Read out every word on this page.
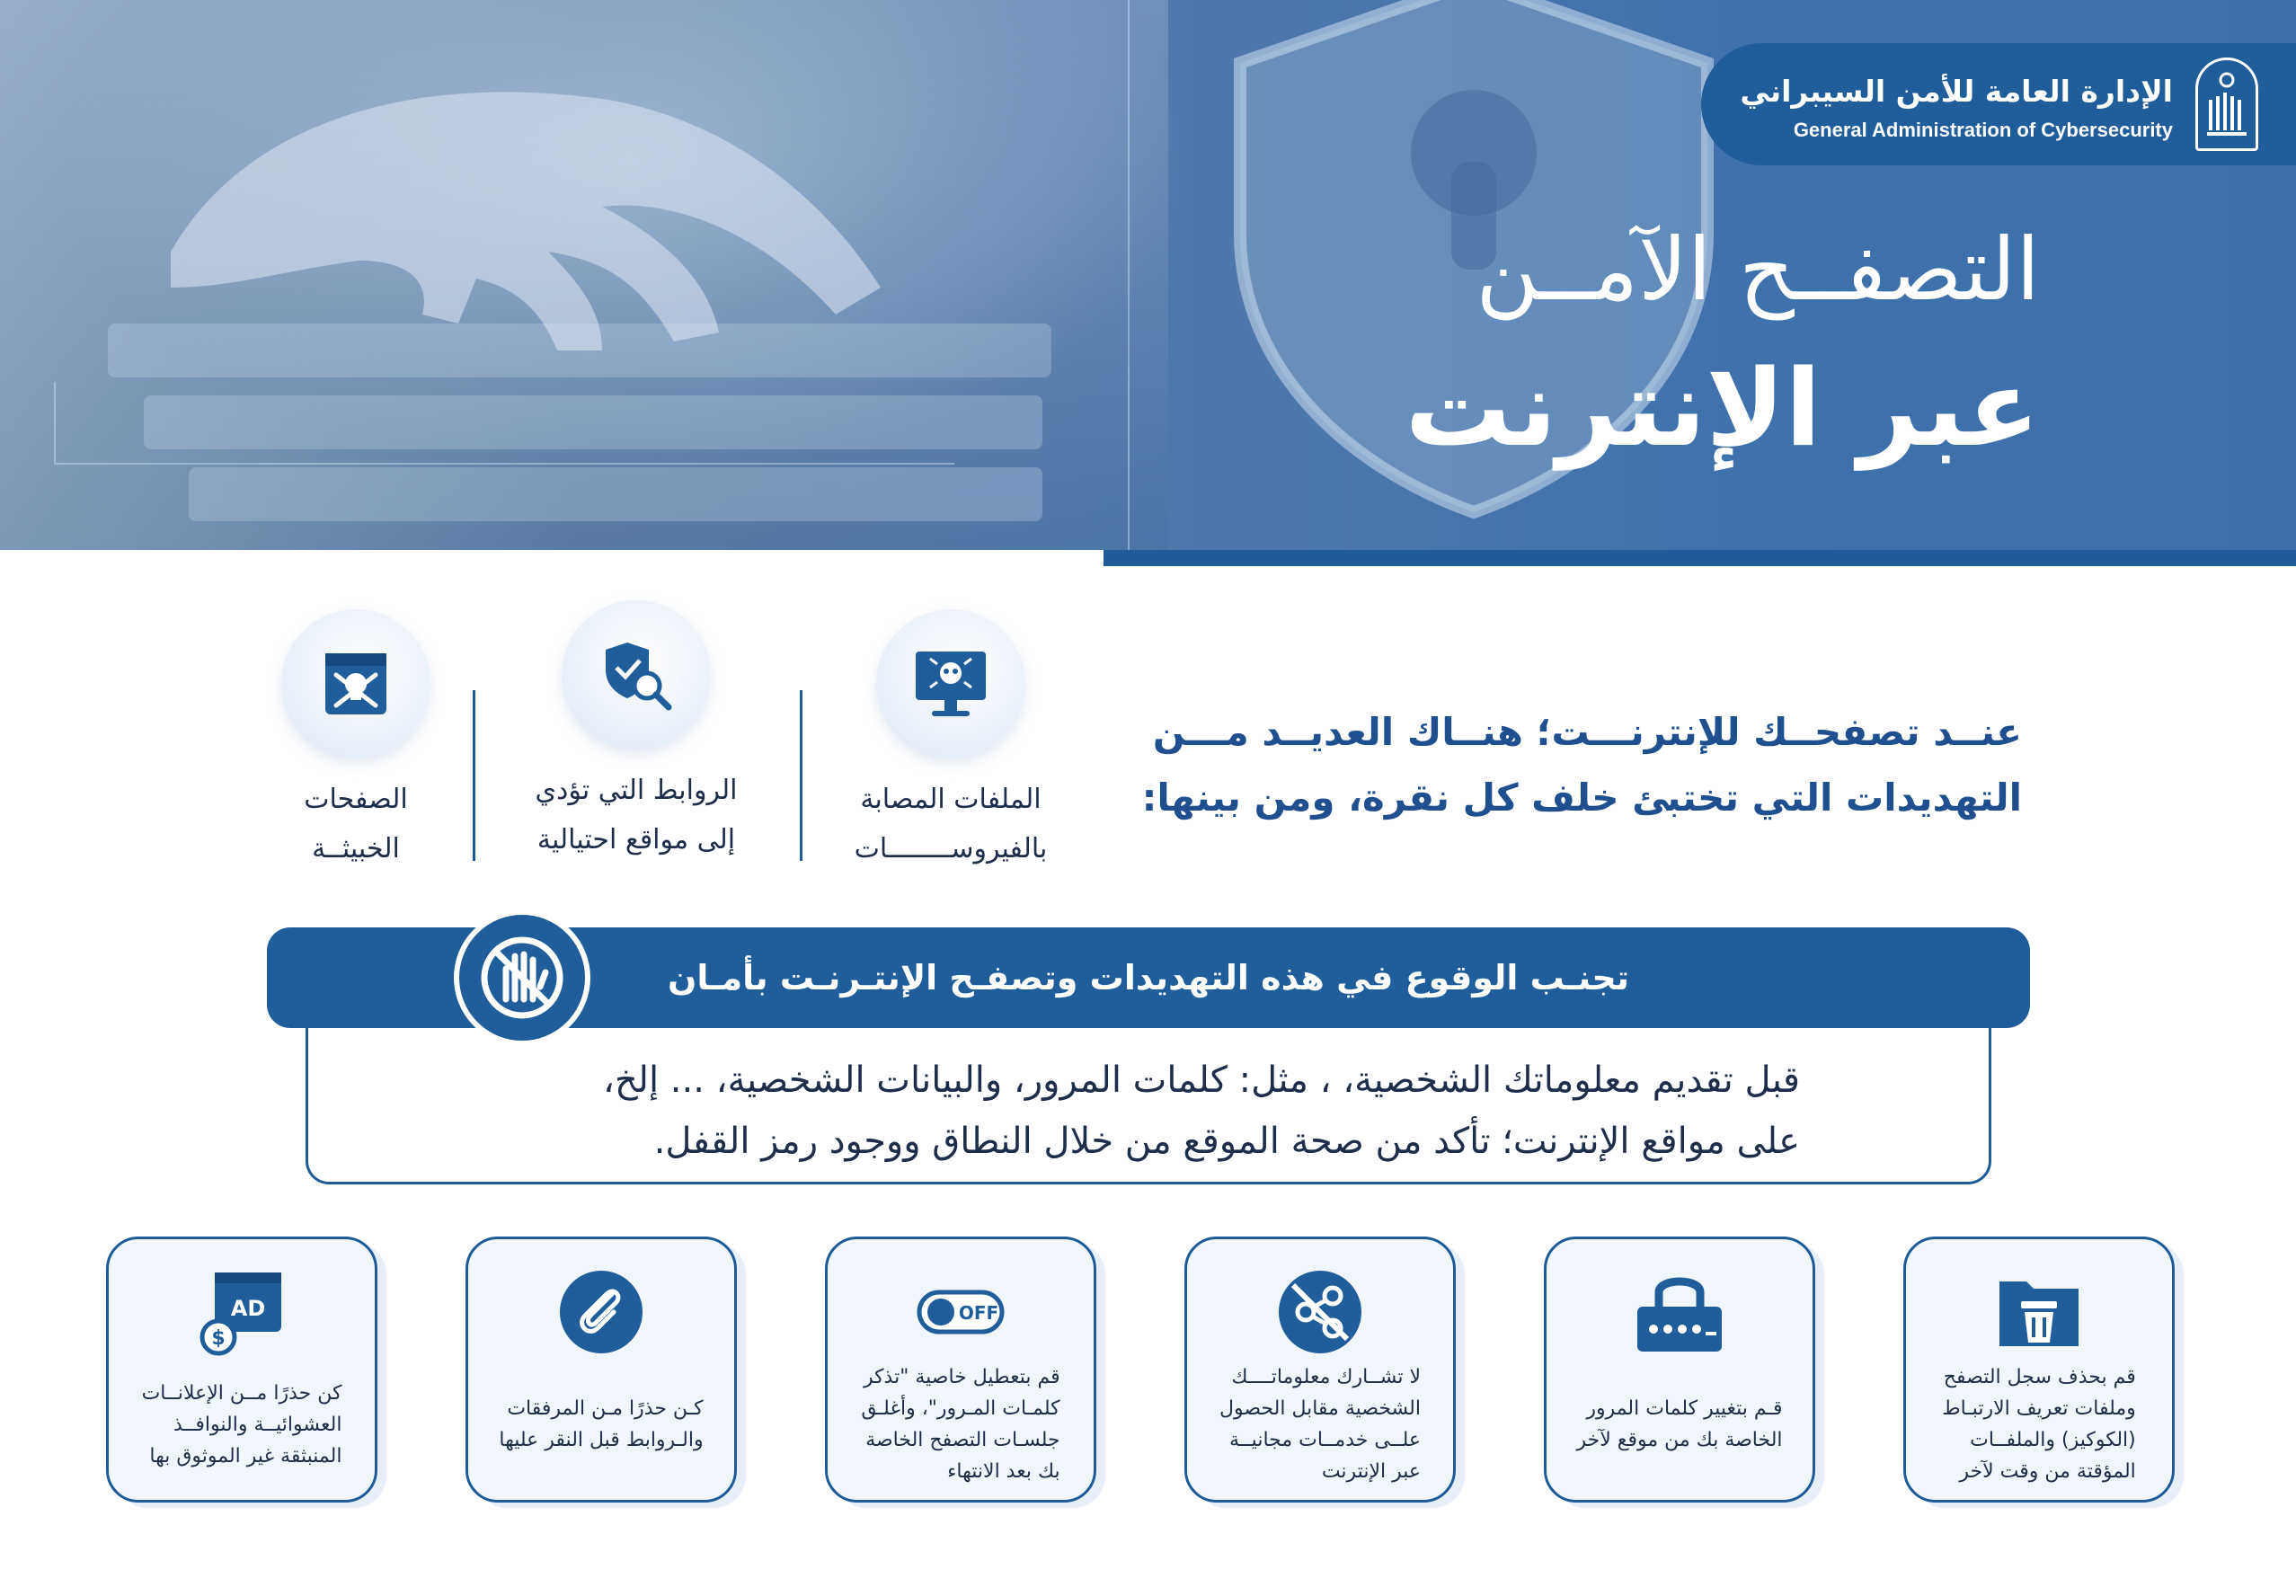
الإدارة العامة للأمن السيبراني
General Administration of Cybersecurity
التصفــح الآمــن
عبر الإنترنت
عنــد تصفحــك للإنترنـــت؛ هنــاك العديــد مـــن
التهديدات التي تختبئ خلف كل نقرة، ومن بينها:
الملفات المصابة
بالفيروســــــــات
الروابط التي تؤدي
إلى مواقع احتيالية
الصفحات
الخبيثــة
تجنـب الوقوع في هذه التهديدات وتصفـح الإنتـرنـت بأمـان
قبل تقديم معلوماتك الشخصية، ، مثل: كلمات المرور، والبيانات الشخصية، ... إلخ،
على مواقع الإنترنت؛ تأكد من صحة الموقع من خلال النطاق ووجود رمز القفل.
قم بحذف سجل التصفح
وملفات تعريف الارتبـاط
(الكوكيز) والملفــات
المؤقتة من وقت لآخر
قـم بتغيير كلمات المرور
الخاصة بك من موقع لآخر
لا تشــارك معلوماتــــك
الشخصية مقابل الحصول
علــى خدمــات مجانيــة
عبر الإنترنت
OFF
قم بتعطيل خاصية "تذكر
كلمـات المـرور"، وأغلـق
جلسـات التصفح الخاصة
بك بعد الانتهاء
كـن حذرًا مـن المرفقات
والـروابط قبل النقر عليها
AD
$
كن حذرًا مــن الإعلانــات
العشوائيــة والنوافــذ
المنبثقة غير الموثوق بها
